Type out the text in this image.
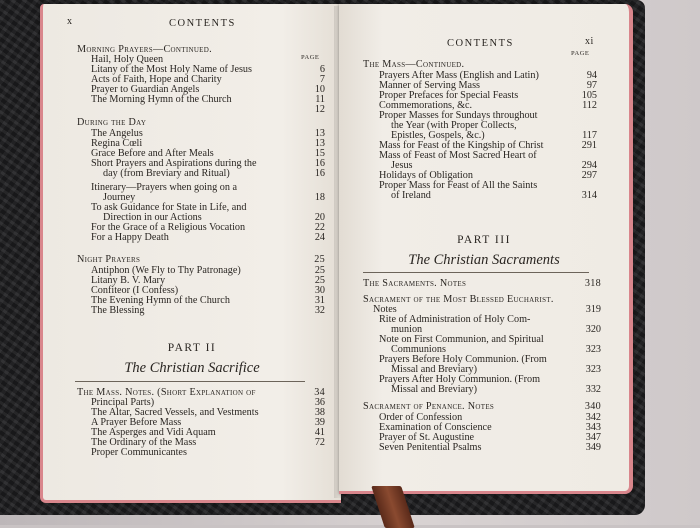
x	CONTENTS
PAGE
Morning Prayers—Continued.
Hail, Holy Queen
Litany of the Most Holy Name of Jesus	6
Acts of Faith, Hope and Charity	7
Prayer to Guardian Angels	10
The Morning Hymn of the Church	11
12
During the Day
The Angelus	13
Regina Cœli	13
Grace Before and After Meals	15
Short Prayers and Aspirations during the	16
day (from Breviary and Ritual)	16
Itinerary—Prayers when going on a
Journey	18
To ask Guidance for State in Life, and
Direction in our Actions	20
For the Grace of a Religious Vocation	22
For a Happy Death	24
Night Prayers	25
Antiphon (We Fly to Thy Patronage)	25
Litany B. V. Mary	25
Confiteor (I Confess)	30
The Evening Hymn of the Church	31
The Blessing	32
PART II
The Christian Sacrifice
The Mass. Notes. (Short Explanation of	34
Principal Parts)	36
The Altar, Sacred Vessels, and Vestments	38
A Prayer Before Mass	39
The Asperges and Vidi Aquam	41
The Ordinary of the Mass	72
Proper Communicantes
CONTENTS	xi
PAGE
The Mass—Continued.
Prayers After Mass (English and Latin)	94
Manner of Serving Mass	97
Proper Prefaces for Special Feasts	105
Commemorations, &c.	112
Proper Masses for Sundays throughout
the Year (with Proper Collects,
Epistles, Gospels, &c.)	117
Mass for Feast of the Kingship of Christ	291
Mass of Feast of Most Sacred Heart of
Jesus	294
Holidays of Obligation	297
Proper Mass for Feast of All the Saints
of Ireland	314
PART III
The Christian Sacraments
The Sacraments. Notes	318
Sacrament of the Most Blessed Eucharist.
Notes	319
Rite of Administration of Holy Com-
munion	320
Note on First Communion, and Spiritual
Communions	323
Prayers Before Holy Communion. (From
Missal and Breviary)	323
Prayers After Holy Communion. (From
Missal and Breviary)	332
Sacrament of Penance. Notes	340
Order of Confession	342
Examination of Conscience	343
Prayer of St. Augustine	347
Seven Penitential Psalms	349
